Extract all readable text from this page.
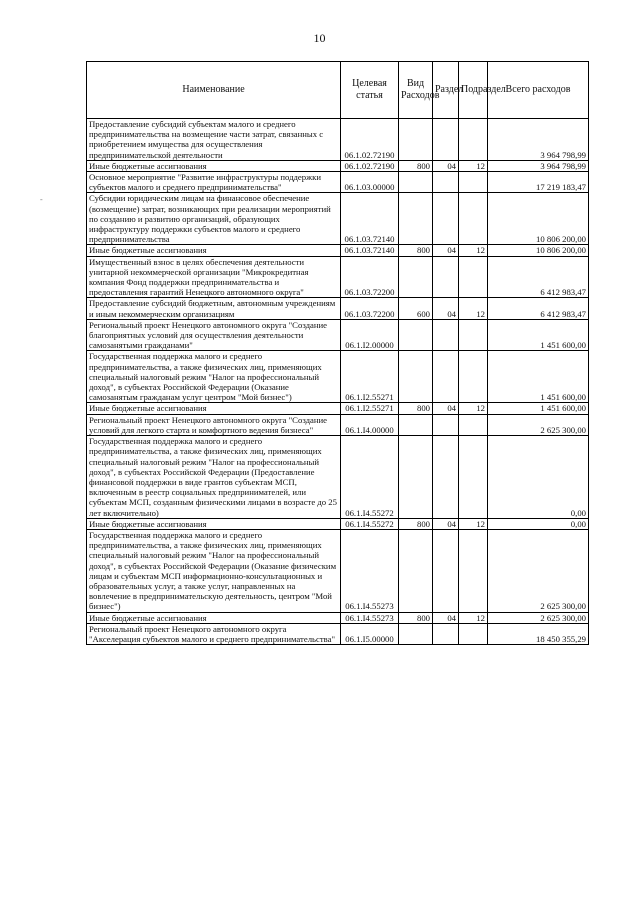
10
-
Наименование	Целевая статья	Вид Расходов	Раздел	Подраздел	Всего расходов
Предоставление субсидий субъектам малого и среднего предпринимательства на возмещение части затрат, связанных с приобретением имущества для осуществления предпринимательской деятельности	06.1.02.72190				3 964 798,99
Иные бюджетные ассигнования	06.1.02.72190	800	04	12	3 964 798,99
Основное мероприятие "Развитие инфраструктуры поддержки субъектов малого и среднего предпринимательства"	06.1.03.00000				17 219 183,47
Субсидии юридическим лицам на финансовое обеспечение (возмещение) затрат, возникающих при реализации мероприятий по созданию и развитию организаций, образующих инфраструктуру поддержки субъектов малого и среднего предпринимательства	06.1.03.72140				10 806 200,00
Иные бюджетные ассигнования	06.1.03.72140	800	04	12	10 806 200,00
Имущественный взнос в целях обеспечения деятельности унитарной некоммерческой организации "Микрокредитная компания Фонд поддержки предпринимательства и предоставления гарантий Ненецкого автономного округа"	06.1.03.72200				6 412 983,47
Предоставление субсидий бюджетным, автономным учреждениям и иным некоммерческим организациям	06.1.03.72200	600	04	12	6 412 983,47
Региональный проект Ненецкого автономного округа "Создание благоприятных условий для осуществления деятельности самозанятыми гражданами"	06.1.I2.00000				1 451 600,00
Государственная поддержка малого и среднего предпринимательства, а также физических лиц, применяющих специальный налоговый режим "Налог на профессиональный доход", в субъектах Российской Федерации (Оказание самозанятым гражданам услуг центром "Мой бизнес")	06.1.I2.55271				1 451 600,00
Иные бюджетные ассигнования	06.1.I2.55271	800	04	12	1 451 600,00
Региональный проект Ненецкого автономного округа "Создание условий для легкого старта и комфортного ведения бизнеса"	06.1.I4.00000				2 625 300,00
Государственная поддержка малого и среднего предпринимательства, а также физических лиц, применяющих специальный налоговый режим "Налог на профессиональный доход", в субъектах Российской Федерации (Предоставление финансовой поддержки в виде грантов субъектам МСП, включенным в реестр социальных предпринимателей, или субъектам МСП, созданным физическими лицами в возрасте до 25 лет включительно)	06.1.I4.55272				0,00
Иные бюджетные ассигнования	06.1.I4.55272	800	04	12	0,00
Государственная поддержка малого и среднего предпринимательства, а также физических лиц, применяющих специальный налоговый режим "Налог на профессиональный доход", в субъектах Российской Федерации (Оказание физическим лицам и субъектам МСП информационно-консультационных и образовательных услуг, а также услуг, направленных на вовлечение в предпринимательскую деятельность, центром "Мой бизнес")	06.1.I4.55273				2 625 300,00
Иные бюджетные ассигнования	06.1.I4.55273	800	04	12	2 625 300,00
Региональный проект Ненецкого автономного округа "Акселерация субъектов малого и среднего предпринимательства"	06.1.I5.00000				18 450 355,29
